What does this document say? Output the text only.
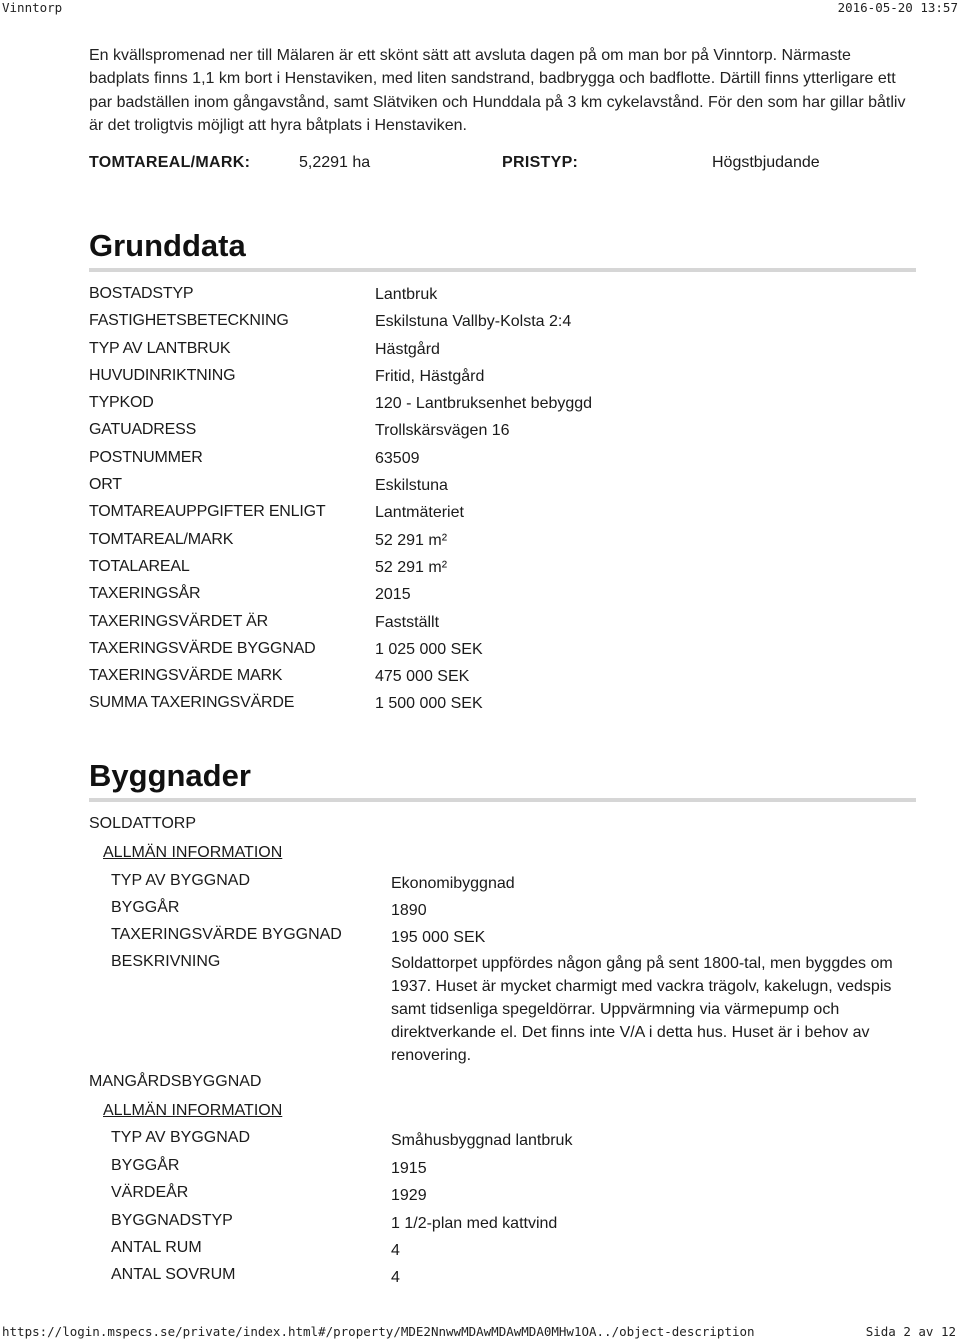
Vinntorp	2016-05-20 13:57

En kvällspromenad ner till Mälaren är ett skönt sätt att avsluta dagen på om man bor på Vinntorp. Närmaste

badplats finns 1,1 km bort i Henstaviken, med liten sandstrand, badbrygga och badflotte. Därtill finns ytterligare ett

par badställen inom gångavstånd, samt Slätviken och Hunddala på 3 km cykelavstånd. För den som har gillar båtliv

är det troligtvis möjligt att hyra båtplats i Henstaviken.

TOMTAREAL/MARK:	5,2291 ha	PRISTYP:	Högstbjudande
Grunddata
BOSTADSTYP	Lantbruk
FASTIGHETSBETECKNING	Eskilstuna Vallby-Kolsta 2:4
TYP AV LANTBRUK	Hästgård
HUVUDINRIKTNING	Fritid, Hästgård
TYPKOD	120 - Lantbruksenhet bebyggd
GATUADRESS	Trollskärsvägen 16
POSTNUMMER	63509
ORT	Eskilstuna
TOMTAREAUPPGIFTER ENLIGT	Lantmäteriet
TOMTAREAL/MARK	52 291 m²
TOTALAREAL	52 291 m²
TAXERINGSÅR	2015
TAXERINGSVÄRDET ÄR	Fastställt
TAXERINGSVÄRDE BYGGNAD	1 025 000 SEK
TAXERINGSVÄRDE MARK	475 000 SEK
SUMMA TAXERINGSVÄRDE	1 500 000 SEK
Byggnader
SOLDATTORP
ALLMÄN INFORMATION
TYP AV BYGGNAD	Ekonomibyggnad
BYGGÅR	1890
TAXERINGSVÄRDE BYGGNAD	195 000 SEK
BESKRIVNING	Soldattorpet uppfördes någon gång på sent 1800-tal, men byggdes om 1937. Huset är mycket charmigt med vackra trägolv, kakelugn, vedspis samt tidsenliga spegeldörrar. Uppvärmning via värmepump och direktverkande el. Det finns inte V/A i detta hus. Huset är i behov av renovering.
MANGÅRDSBYGGNAD
ALLMÄN INFORMATION
TYP AV BYGGNAD	Småhusbyggnad lantbruk
BYGGÅR	1915
VÄRDEÅR	1929
BYGGNADSTYP	1 1/2-plan med kattvind
ANTAL RUM	4
ANTAL SOVRUM	4
https://login.mspecs.se/private/index.html#/property/MDE2NnwwMDAwMDAwMDA0MHw1OA../object-description	Sida 2 av 12
